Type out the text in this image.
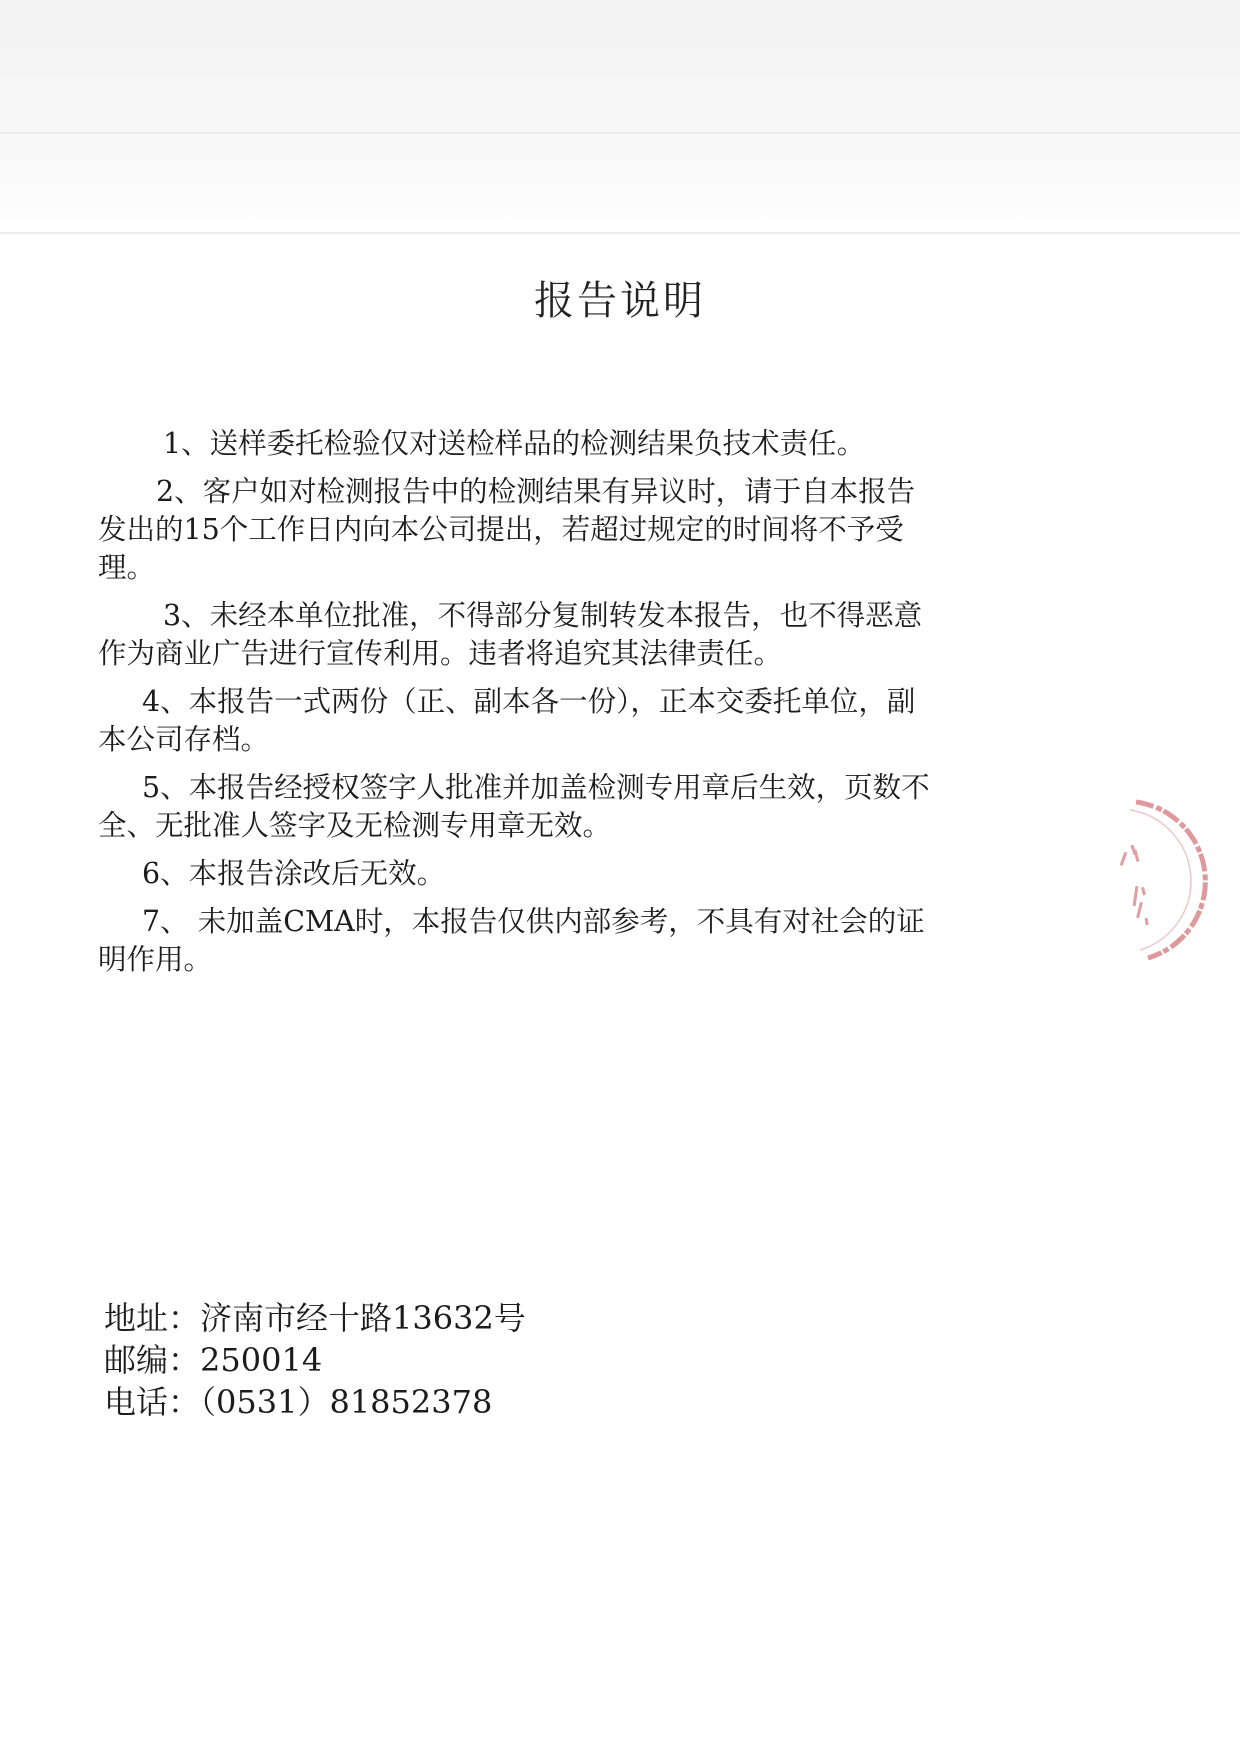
报告说明

1、送样委托检验仅对送检样品的检测结果负技术责任。

2、客户如对检测报告中的检测结果有异议时，请于自本报告发出的15个工作日内向本公司提出，若超过规定的时间将不予受理。

3、未经本单位批准，不得部分复制转发本报告，也不得恶意作为商业广告进行宣传利用。违者将追究其法律责任。

4、本报告一式两份（正、副本各一份），正本交委托单位，副本公司存档。

5、本报告经授权签字人批准并加盖检测专用章后生效，页数不全、无批准人签字及无检测专用章无效。

6、本报告涂改后无效。

7、 未加盖CMA时，本报告仅供内部参考，不具有对社会的证明作用。

地址：济南市经十路13632号
邮编：250014
电话：（0531）81852378
